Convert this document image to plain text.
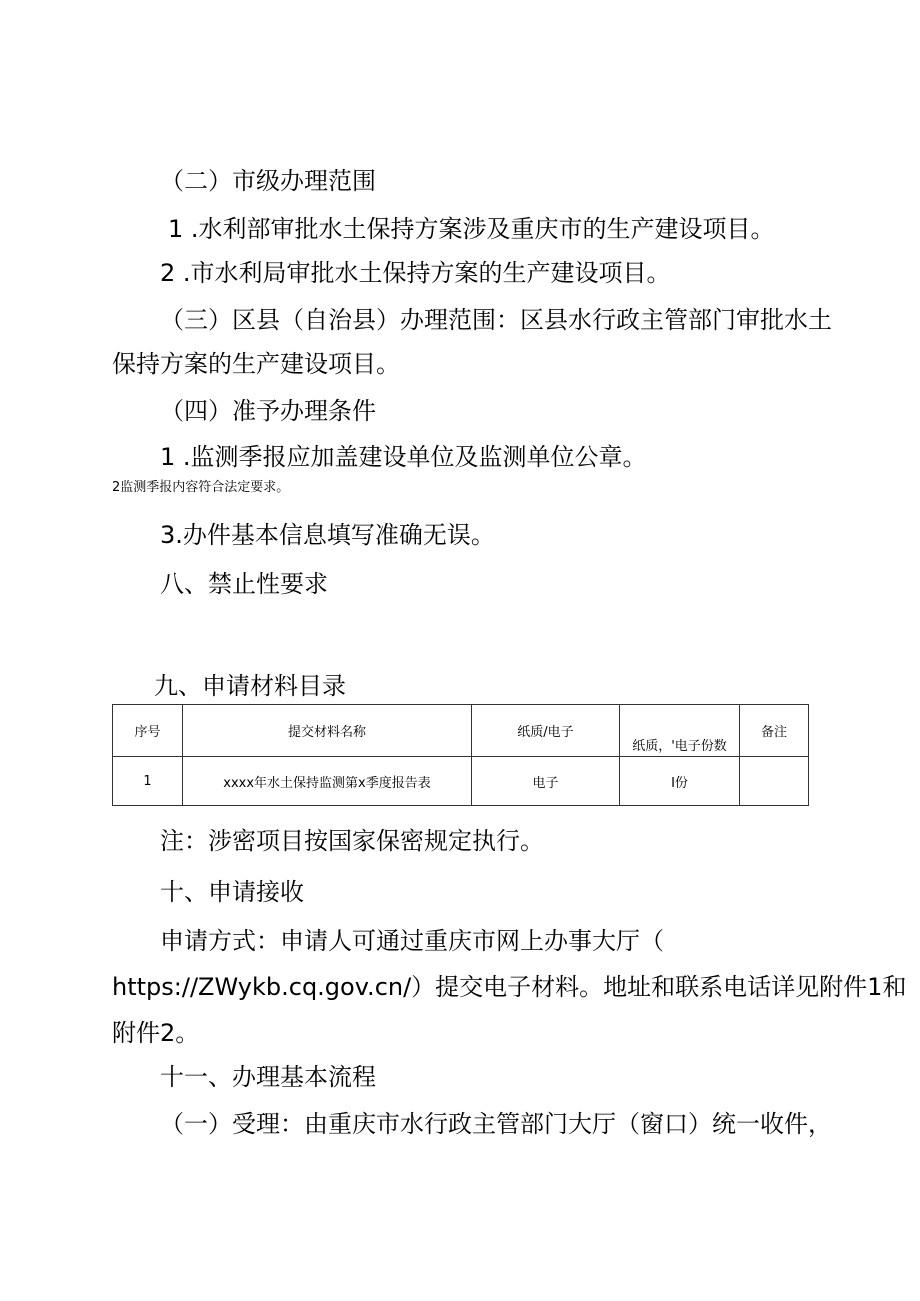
（二）市级办理范围
1 .水利部审批水土保持方案涉及重庆市的生产建设项目。
2 .市水利局审批水土保持方案的生产建设项目。
（三）区县（自治县）办理范围：区县水行政主管部门审批水土
保持方案的生产建设项目。
（四）准予办理条件
1 .监测季报应加盖建设单位及监测单位公章。
2监测季报内容符合法定要求。
3.办件基本信息填写准确无误。
八、禁止性要求
九、申请材料目录
序号	提交材料名称	纸质/电子	纸质，'电子份数	备注
1	xxxx年水土保持监测第x季度报告表	电子	I份	
注：涉密项目按国家保密规定执行。
十、申请接收
申请方式：申请人可通过重庆市网上办事大厅（
https://ZWykb.cq.gov.cn/）提交电子材料。地址和联系电话详见附件1和
附件2。
十一、办理基本流程
（一）受理：由重庆市水行政主管部门大厅（窗口）统一收件，
